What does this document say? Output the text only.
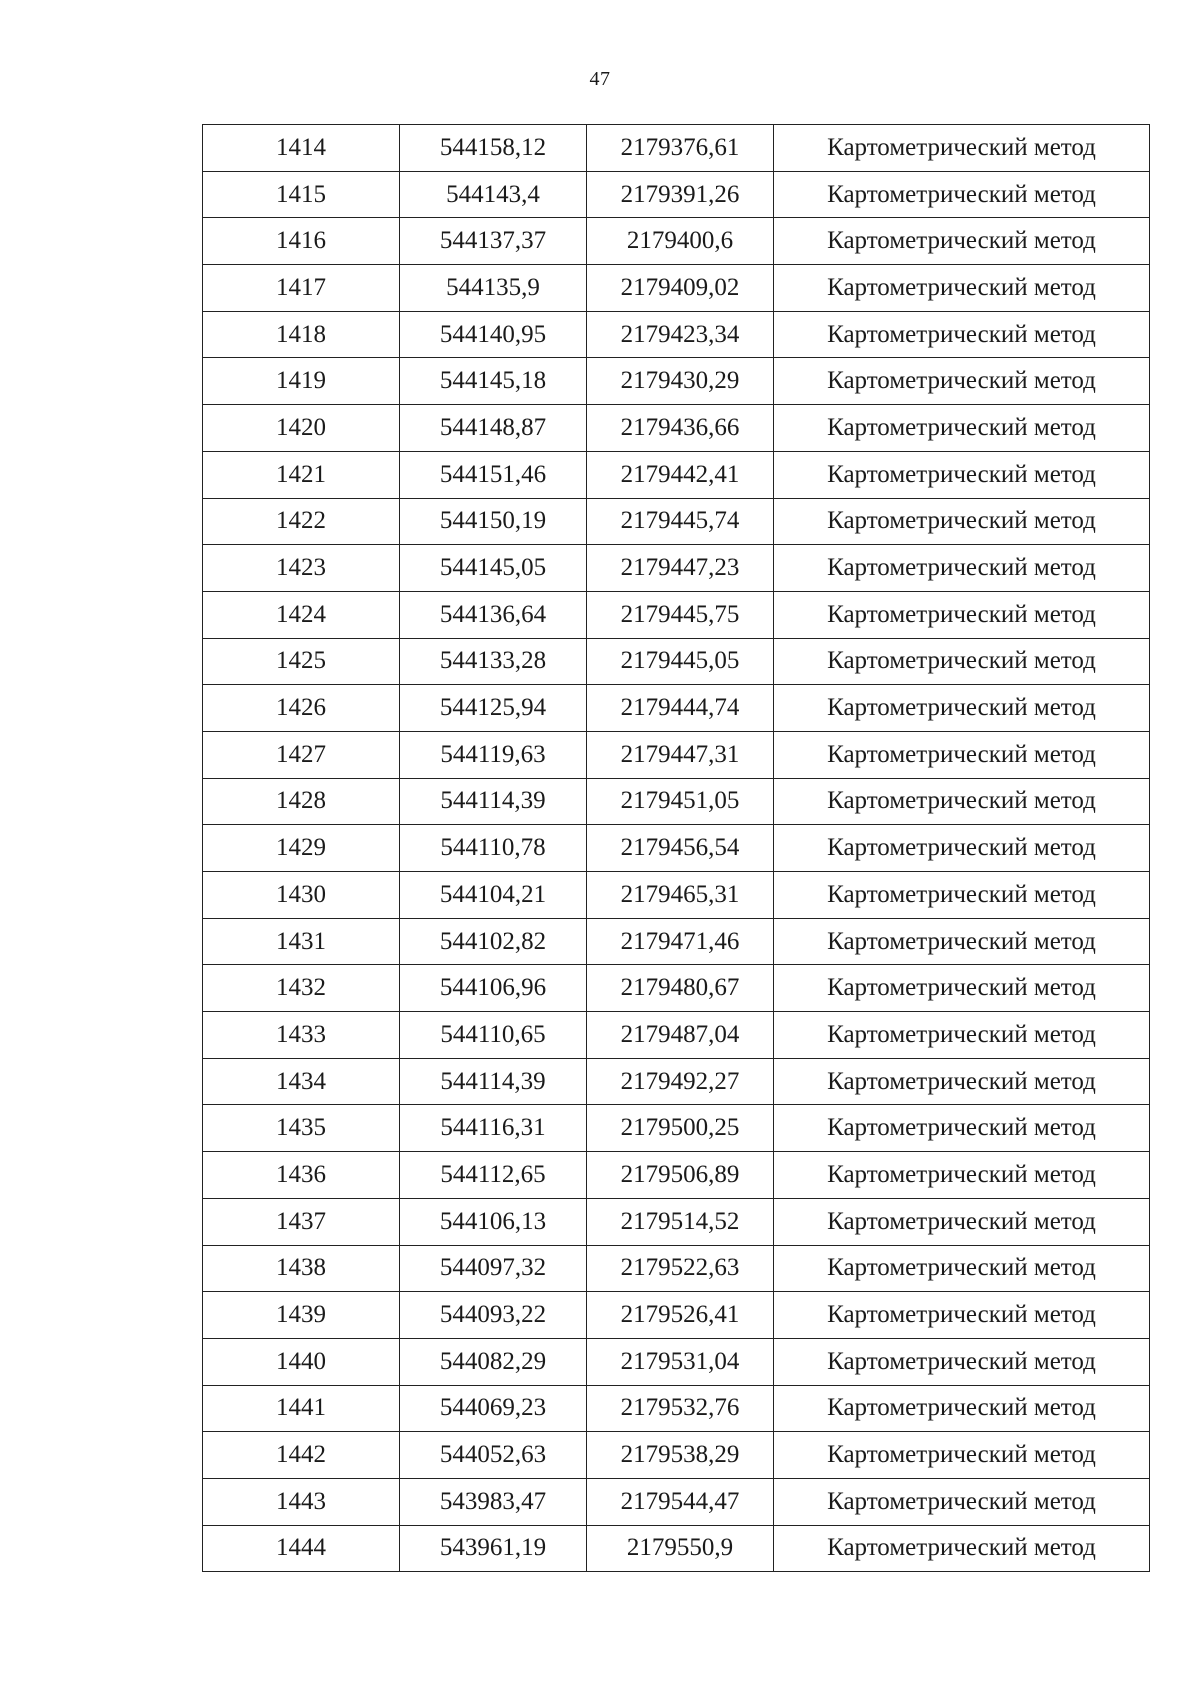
47
1414	544158,12	2179376,61	Картометрический метод
1415	544143,4	2179391,26	Картометрический метод
1416	544137,37	2179400,6	Картометрический метод
1417	544135,9	2179409,02	Картометрический метод
1418	544140,95	2179423,34	Картометрический метод
1419	544145,18	2179430,29	Картометрический метод
1420	544148,87	2179436,66	Картометрический метод
1421	544151,46	2179442,41	Картометрический метод
1422	544150,19	2179445,74	Картометрический метод
1423	544145,05	2179447,23	Картометрический метод
1424	544136,64	2179445,75	Картометрический метод
1425	544133,28	2179445,05	Картометрический метод
1426	544125,94	2179444,74	Картометрический метод
1427	544119,63	2179447,31	Картометрический метод
1428	544114,39	2179451,05	Картометрический метод
1429	544110,78	2179456,54	Картометрический метод
1430	544104,21	2179465,31	Картометрический метод
1431	544102,82	2179471,46	Картометрический метод
1432	544106,96	2179480,67	Картометрический метод
1433	544110,65	2179487,04	Картометрический метод
1434	544114,39	2179492,27	Картометрический метод
1435	544116,31	2179500,25	Картометрический метод
1436	544112,65	2179506,89	Картометрический метод
1437	544106,13	2179514,52	Картометрический метод
1438	544097,32	2179522,63	Картометрический метод
1439	544093,22	2179526,41	Картометрический метод
1440	544082,29	2179531,04	Картометрический метод
1441	544069,23	2179532,76	Картометрический метод
1442	544052,63	2179538,29	Картометрический метод
1443	543983,47	2179544,47	Картометрический метод
1444	543961,19	2179550,9	Картометрический метод
